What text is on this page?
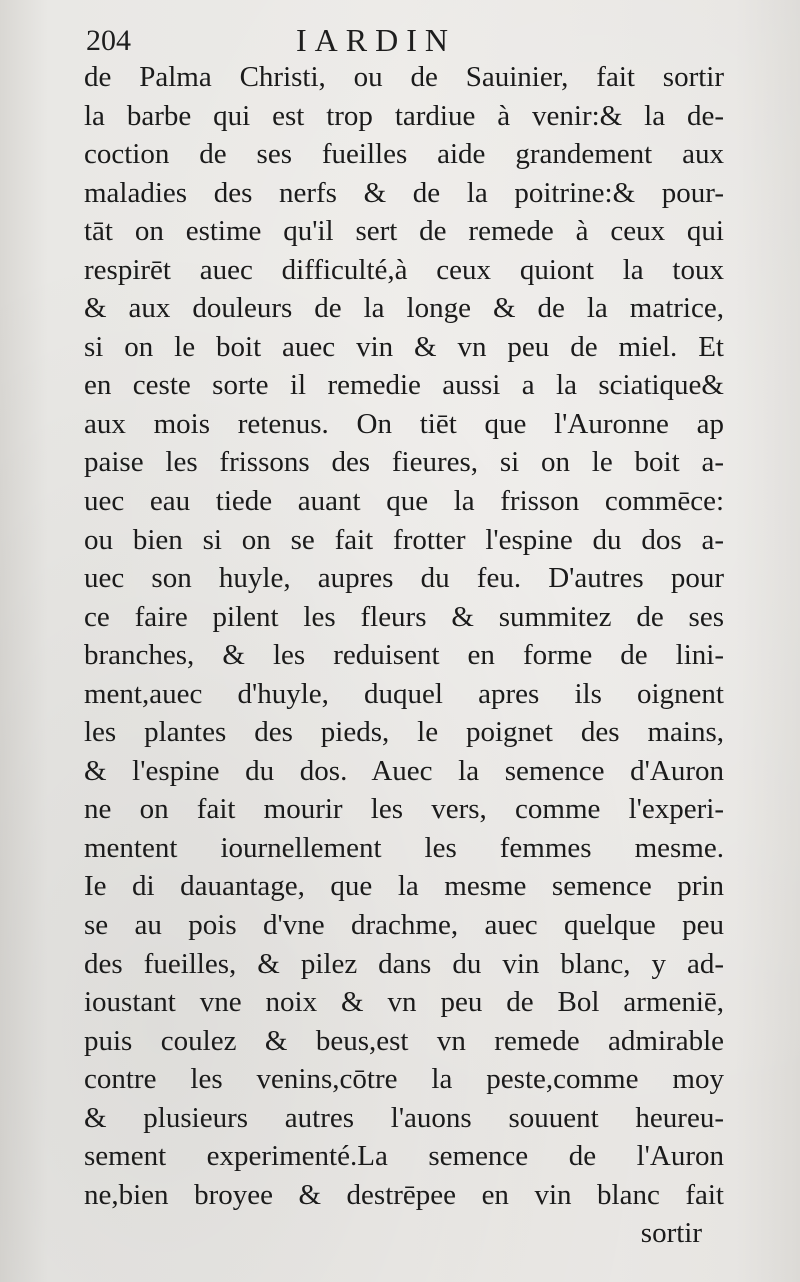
204	IARDIN
de Palma Christi, ou de Sauinier, fait sortir
la barbe qui est trop tardiue à venir:& la de-
coction de ses fueilles aide grandement aux
maladies des nerfs & de la poitrine:& pour-
tāt on estime qu'il sert de remede à ceux qui
respirēt auec difficulté,à ceux quiont la toux
& aux douleurs de la longe & de la matrice,
si on le boit auec vin & vn peu de miel. Et
en ceste sorte il remedie aussi a la sciatique&
aux mois retenus. On tiēt que l'Auronne ap
paise les frissons des fieures, si on le boit a-
uec eau tiede auant que la frisson commēce:
ou bien si on se fait frotter l'espine du dos a-
uec son huyle, aupres du feu. D'autres pour
ce faire pilent les fleurs & summitez de ses
branches, & les reduisent en forme de lini-
ment,auec d'huyle, duquel apres ils oignent
les plantes des pieds, le poignet des mains,
& l'espine du dos. Auec la semence d'Auron
ne on fait mourir les vers, comme l'experi-
mentent iournellement les femmes mesme.
Ie di dauantage, que la mesme semence prin
se au pois d'vne drachme, auec quelque peu
des fueilles, & pilez dans du vin blanc, y ad-
ioustant vne noix & vn peu de Bol armeniē,
puis coulez & beus,est vn remede admirable
contre les venins,cōtre la peste,comme moy
& plusieurs autres l'auons souuent heureu-
sement experimenté.La semence de l'Auron
ne,bien broyee & destrēpee en vin blanc fait
sortir
